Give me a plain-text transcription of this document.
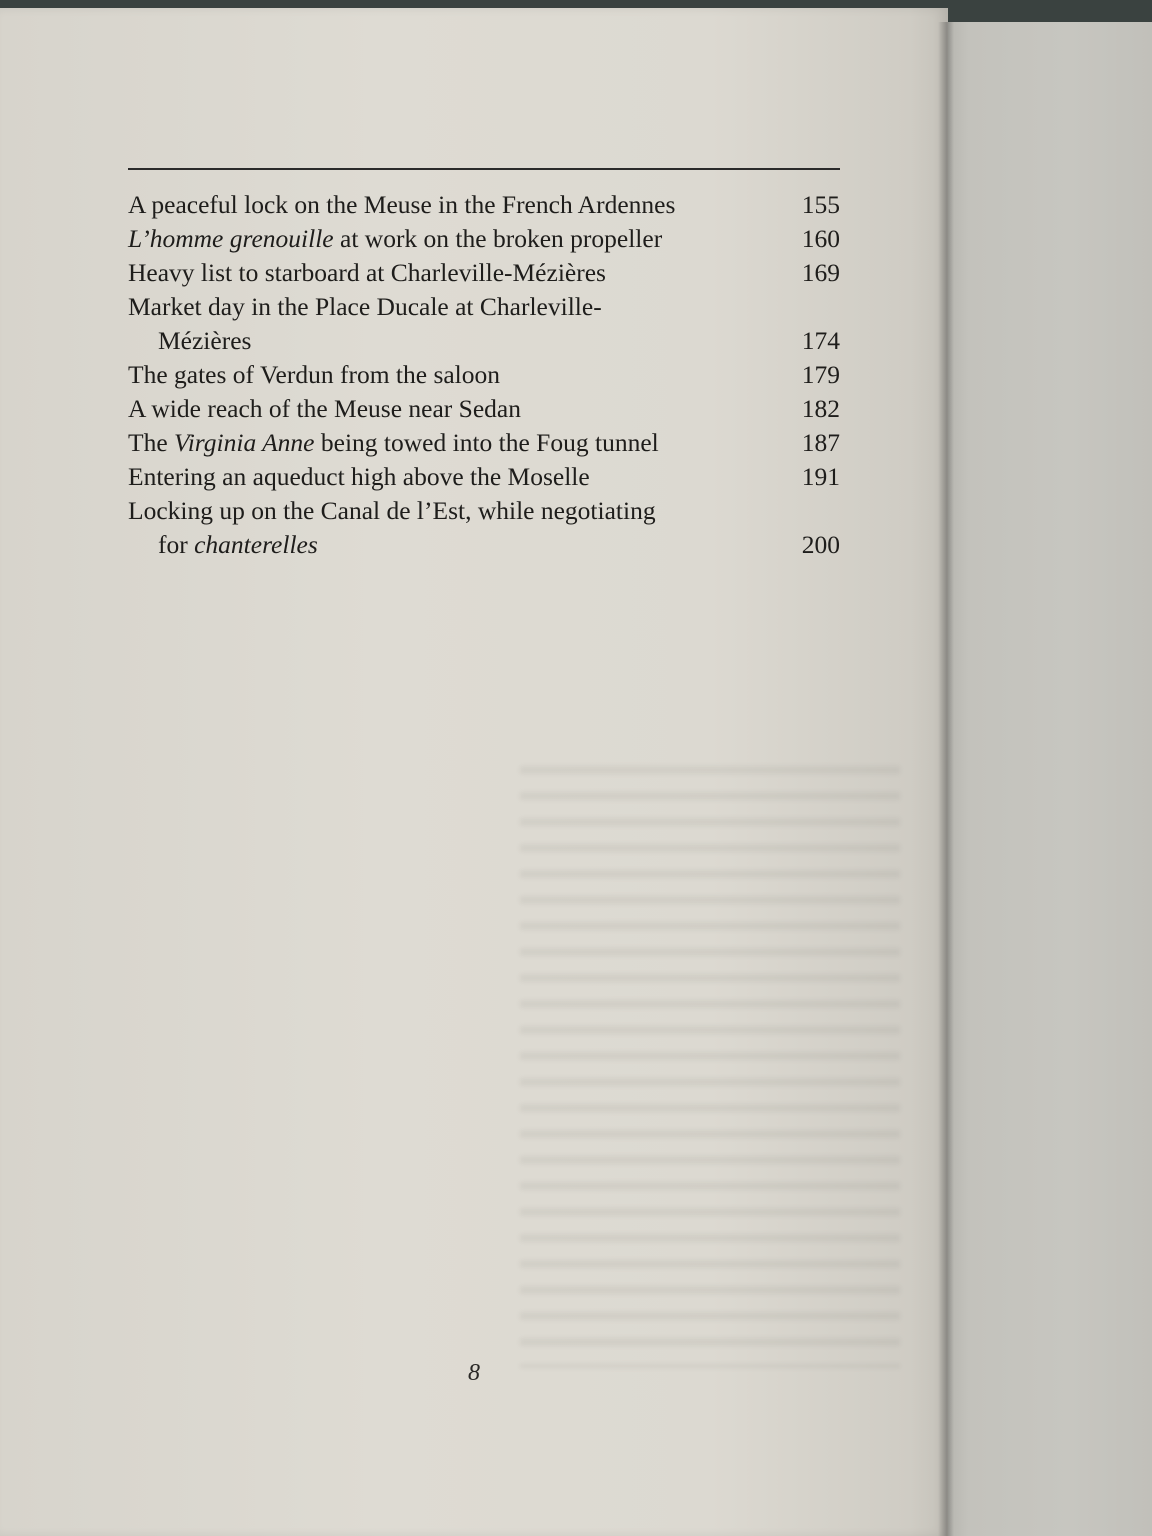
A peaceful lock on the Meuse in the French Ardennes	155
L’homme grenouille at work on the broken propeller	160
Heavy list to starboard at Charleville-Mézières	169
Market day in the Place Ducale at Charleville-
Mézières	174
The gates of Verdun from the saloon	179
A wide reach of the Meuse near Sedan	182
The Virginia Anne being towed into the Foug tunnel	187
Entering an aqueduct high above the Moselle	191
Locking up on the Canal de l’Est, while negotiating
for chanterelles	200
8
